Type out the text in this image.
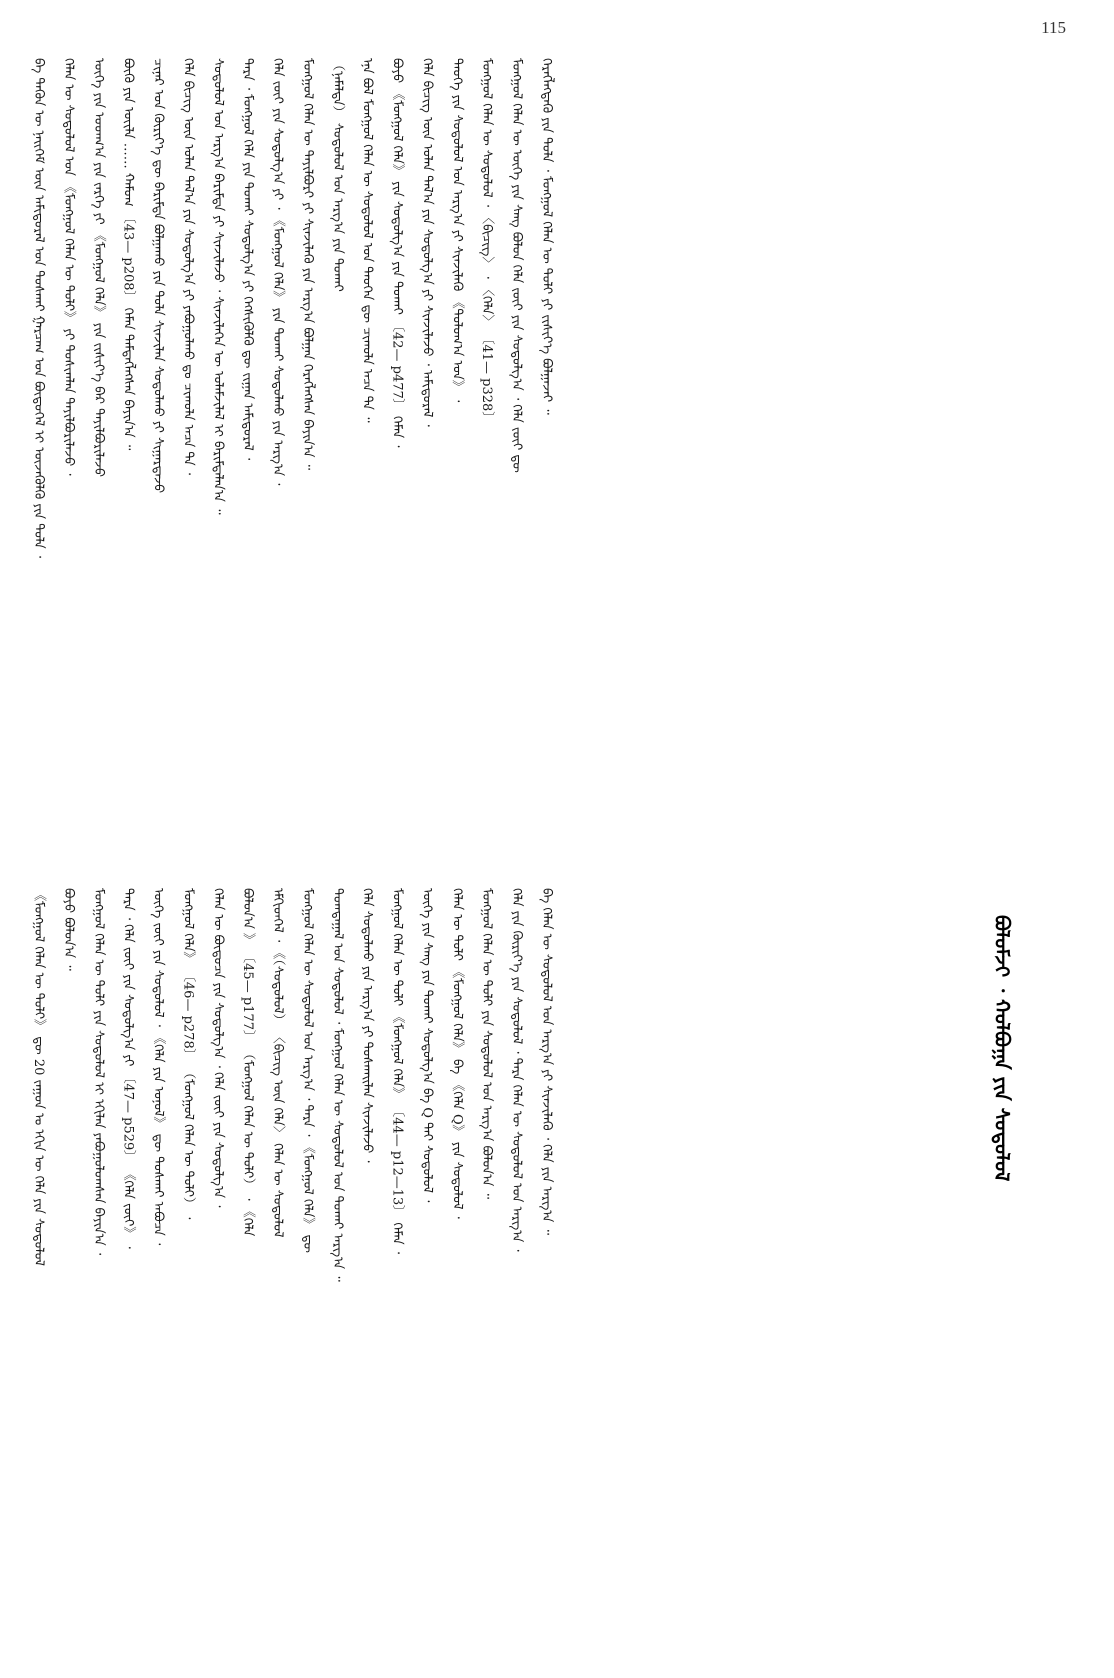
115
ᠪᠣᠯᠣᠮᠵᠢ ᠂ ᠬᠣᠯᠪᠣᠭᠠ ᠶᠢᠨ ᠰᠤᠳᠤᠯᠤᠯ
ᠪᠠ ᠲᠡᠭᠦᠨ ᠦ ᠨᠡᠢᠭᠡᠮ ᠦᠨ ᠠᠮᠢᠳᠤᠷᠠᠯ ᠤᠨ ᠲᠤᠰᠬᠠᠢ ᠭᠠᠷᠴᠠᠭ ᠤᠨ ᠪᠦᠲᠦᠭᠡᠯ ᠢ ᠦᠵᠡᠭᠦᠯᠬᠦ ᠶᠢᠨ ᠲᠤᠯᠠ ᠂	ᠬᠡᠯᠡᠨ ᠦ ᠰᠤᠳᠤᠯᠤᠯ ᠤᠨ 《ᠮᠣᠩᠭᠣᠯ ᠬᠡᠯᠡᠨ ᠦ ᠲᠣᠯᠢ》 ᠶᠢ ᠲᠤᠰᠢᠭᠯᠠᠨ ᠲᠠᠶᠢᠯᠪᠤᠷᠢᠯᠠᠵᠤ ᠂	ᠦᠭᠡ ᠶᠢᠨ ᠤᠳᠬ᠎ᠠ ᠶᠢᠨ ᠵᠡᠷᠭᠡ ᠶᠢ 《ᠮᠣᠩᠭᠣᠯ ᠬᠡᠯᠡ》 ᠶᠢᠨ ᠵᠢᠱᠢᠶ᠎ᠡ ᠪᠡᠷ ᠲᠠᠶᠢᠯᠪᠤᠷᠢᠯᠠᠵᠤ	ᠪᠦᠬᠦ ᠶᠢᠨ ᠦᠢᠯᠡ …… ᠬᠠᠮᠤᠭ 〔43— p208〕 ᠬᠡᠮᠡᠨ ᠲᠡᠮᠳᠡᠭᠯᠡᠭᠰᠡᠨ ᠪᠠᠶᠢᠨ᠎ᠠ ᠃	ᠴᠢᠨᠠᠷ ᠤᠨ ᠬᠦᠷᠢᠶ᠎ᠡ ᠳᠦ ᠪᠠᠷᠢᠮᠲᠠ ᠪᠣᠯᠭᠠᠬᠤ ᠶᠢᠨ ᠲᠤᠯᠠ ᠰᠢᠨᠵᠢᠯᠡᠨ ᠰᠤᠳᠤᠯᠬᠤ ᠶᠢ ᠰᠢᠭᠠᠷᠳᠠᠵᠤ	ᠬᠡᠯᠡ ᠪᠢᠴᠢᠭ ᠦᠨ ᠣᠯᠠᠨ ᠲᠠᠯ᠎ᠠ ᠶᠢᠨ ᠰᠤᠳᠤᠯᠭ᠎ᠠ ᠶᠢ ᠶᠠᠪᠤᠭᠤᠯᠬᠤ ᠳᠤ ᠴᠢᠬᠤᠯᠠ ᠠᠴᠠ ᠲᠠ ᠂	ᠰᠤᠳᠤᠯᠤᠯ ᠤᠨ ᠠᠷᠭ᠎ᠠ ᠪᠠᠷᠢᠮᠲᠠ ᠶᠢ ᠰᠢᠨᠵᠢᠯᠡᠵᠦ ᠂ ᠰᠢᠨᠵᠢᠯᠡᠭᠡᠨ ᠦ ᠤᠯᠠᠮᠵᠢᠯᠠᠯ ᠢ ᠪᠠᠷᠢᠮᠲᠠᠯᠠᠨ᠎ᠠ ᠃	ᠲᠡᠷᠡ ᠂ ᠮᠣᠩᠭᠣᠯ ᠬᠡᠯᠡ ᠶᠢᠨ ᠲᠤᠬᠠᠢ ᠰᠤᠳᠤᠯᠭ᠎ᠠ ᠶᠢ ᠬᠡᠭᠰᠢᠭᠦᠯᠬᠦ ᠳᠦ ᠵᠢᠭᠠᠨ ᠠᠮᠢᠳᠤᠷᠠᠯ ᠂	ᠬᠡᠯᠡ ᠵᠦᠢ ᠶᠢᠨ ᠰᠤᠳᠤᠯᠭ᠎ᠠ ᠶᠢ ᠂ 《ᠮᠣᠩᠭᠣᠯ ᠬᠡᠯᠡ》 ᠶᠢᠨ ᠲᠤᠬᠠᠢ ᠰᠤᠳᠤᠯᠬᠤ ᠶᠢᠨ ᠠᠷᠭ᠎ᠠ ᠂	ᠮᠣᠩᠭᠣᠯ ᠬᠡᠯᠡᠨ ᠦ ᠲᠠᠶᠢᠯᠪᠤᠷᠢ ᠶᠢ ᠰᠢᠨᠵᠢᠯᠡᠬᠦ ᠶᠢᠨ ᠠᠷᠭ᠎ᠠ ᠪᠣᠯᠭᠠᠨ ᠬᠡᠷᠡᠭᠯᠡᠭᠰᠡᠨ ᠪᠠᠶᠢᠨ᠎ᠠ ᠃	（ᠨᠡᠮᠡᠯᠲᠡ） ᠰᠤᠳᠤᠯᠤᠯ ᠤᠨ ᠠᠷᠭ᠎ᠠ ᠶᠢᠨ ᠲᠤᠬᠠᠢ	ᠡᠨᠡ ᠪᠣᠯ ᠮᠣᠩᠭᠣᠯ ᠬᠡᠯᠡᠨ ᠦ ᠰᠤᠳᠤᠯᠤᠯ ᠤᠨ ᠲᠡᠦᠬᠡᠨ ᠳᠦ ᠴᠢᠬᠤᠯᠠ ᠠᠴᠠ ᠲᠠ ᠃	ᠪᠤᠶᠤ 《ᠮᠣᠩᠭᠣᠯ ᠬᠡᠯᠡ》 ᠶᠢᠨ ᠰᠤᠳᠤᠯᠭ᠎ᠠ ᠶᠢᠨ ᠲᠤᠬᠠᠢ 〔42— p477〕 ᠬᠡᠮᠡᠨ ᠂	ᠬᠡᠯᠡ ᠪᠢᠴᠢᠭ ᠦᠨ ᠣᠯᠠᠨ ᠲᠠᠯ᠎ᠠ ᠶᠢᠨ ᠰᠤᠳᠤᠯᠭ᠎ᠠ ᠶᠢ ᠰᠢᠨᠵᠢᠯᠡᠵᠦ ᠂ ᠠᠮᠢᠳᠤᠷᠠᠯ ᠂	ᠲᠡᠦᠬᠡ ᠶᠢᠨ ᠰᠤᠳᠤᠯᠤᠯ ᠤᠨ ᠠᠷᠭ᠎ᠠ ᠶᠢ ᠰᠢᠨᠵᠢᠯᠡᠬᠦ 《ᠳᠣᠯᠣᠭ᠎ᠠ ᠣᠨ》 ᠂	ᠮᠣᠩᠭᠣᠯ ᠬᠡᠯᠡᠨ ᠦ ᠰᠤᠳᠤᠯᠤᠯ ᠂ 〈ᠪᠢᠴᠢᠭ〉 ᠂ 〈ᠬᠡᠯᠡ〉 〔41— p328〕	ᠮᠣᠩᠭᠣᠯ ᠬᠡᠯᠡᠨ ᠦ ᠦᠭᠡ ᠶᠢᠨ ᠰᠠᠩ ᠪᠣᠯᠣᠨ ᠬᠡᠯᠡ ᠵᠦᠢ ᠶᠢᠨ ᠰᠤᠳᠤᠯᠭ᠎ᠠ ᠂ ᠬᠡᠯᠡ ᠵᠦᠢ ᠳᠦ	ᠬᠡᠷᠡᠭᠯᠡᠭᠳᠡᠬᠦ ᠶᠢᠨ ᠲᠤᠯᠠ ᠂ ᠮᠣᠩᠭᠣᠯ ᠬᠡᠯᠡᠨ ᠦ ᠲᠣᠯᠢ ᠶᠢ ᠵᠢᠱᠢᠶ᠎ᠡ ᠪᠣᠯᠭᠠᠵᠠᠢ ᠃
《ᠮᠣᠩᠭᠣᠯ ᠬᠡᠯᠡᠨ ᠦ ᠲᠣᠯᠢ》 ᠳᠦ 20 ᠵᠠᠭᠤᠨ ᠤ ᠡᠬᠢᠨ ᠦ ᠬᠡᠯᠡ ᠶᠢᠨ ᠰᠤᠳᠤᠯᠤᠯ	ᠪᠤᠶᠤ ᠪᠣᠯᠤᠨ᠎ᠠ ᠃	ᠮᠣᠩᠭᠣᠯ ᠬᠡᠯᠡᠨ ᠦ ᠲᠣᠯᠢ ᠶᠢᠨ ᠰᠤᠳᠤᠯᠤᠯ ᠢ ᠡᠬᠢᠯᠡᠨ ᠶᠠᠪᠤᠭᠤᠯᠤᠭᠰᠠᠨ ᠪᠠᠶᠢᠨ᠎ᠠ ᠂	ᠲᠡᠷᠡ ᠂ ᠬᠡᠯᠡ ᠵᠦᠢ ᠶᠢᠨ ᠰᠤᠳᠤᠯᠭ᠎ᠠ ᠶᠢ 〔47— p529〕 《ᠬᠡᠯᠡ ᠵᠦᠢ》 ᠂	ᠦᠭᠡ ᠵᠦᠢ ᠶᠢᠨ ᠰᠤᠳᠤᠯᠤᠯ ᠂ 《ᠬᠡᠯᠡ ᠶᠢᠨ ᠣᠨᠣᠯ》 ᠳᠦ ᠲᠤᠰᠬᠠᠢ ᠠᠪᠤᠴᠠ ᠂	ᠮᠣᠩᠭᠣᠯ ᠬᠡᠯᠡ》 〔46— p278〕 （ᠮᠣᠩᠭᠣᠯ ᠬᠡᠯᠡᠨ ᠦ ᠲᠣᠯᠢ） ᠂	ᠬᠡᠯᠡᠨ ᠦ ᠪᠦᠲᠦᠴᠡ ᠶᠢᠨ ᠰᠤᠳᠤᠯᠭ᠎ᠠ ᠂ ᠬᠡᠯᠡ ᠵᠦᠢ ᠶᠢᠨ ᠰᠤᠳᠤᠯᠭ᠎ᠠ ᠂	ᠪᠣᠯᠤᠨ᠎ᠠ 》 〔45— p177〕 （ᠮᠣᠩᠭᠣᠯ ᠬᠡᠯᠡᠨ ᠦ ᠲᠣᠯᠢ） ᠂ 《ᠬᠡᠯᠡ	ᠡᠮᠬᠢᠳᠬᠡᠯ ᠂ 《（ᠰᠤᠳᠤᠯᠤᠯ） 〈ᠪᠢᠴᠢᠭ ᠦᠨ ᠬᠡᠯᠡ〉 ᠬᠡᠯᠡᠨ ᠦ ᠰᠤᠳᠤᠯᠤᠯ	ᠮᠣᠩᠭᠣᠯ ᠬᠡᠯᠡᠨ ᠦ ᠰᠤᠳᠤᠯᠤᠯ ᠤᠨ ᠠᠷᠭ᠎ᠠ ᠂ ᠲᠡᠷᠡ ᠂ 《ᠮᠣᠩᠭᠣᠯ ᠬᠡᠯᠡ》 ᠳᠦ	ᠲᠣᠭᠲᠠᠭᠠᠯ ᠤᠨ ᠰᠤᠳᠤᠯᠤᠯ ᠂ ᠮᠣᠩᠭᠣᠯ ᠬᠡᠯᠡᠨ ᠦ ᠰᠤᠳᠤᠯᠤᠯ ᠤᠨ ᠲᠤᠬᠠᠢ ᠠᠷᠭ᠎ᠠ ᠃	ᠬᠡᠯᠡ ᠰᠤᠳᠤᠯᠬᠤ ᠶᠢᠨ ᠠᠷᠭ᠎ᠠ ᠶᠢ ᠲᠤᠰᠬᠠᠢᠯᠠᠨ ᠰᠢᠨᠵᠢᠯᠡᠵᠦ ᠂	ᠮᠣᠩᠭᠣᠯ ᠬᠡᠯᠡᠨ ᠦ ᠲᠣᠯᠢ 《ᠮᠣᠩᠭᠣᠯ ᠬᠡᠯᠡ》 〔44— p12—13〕 ᠬᠡᠮᠡᠨ ᠂	ᠦᠭᠡ ᠶᠢᠨ ᠰᠠᠩ ᠶᠢᠨ ᠲᠤᠬᠠᠢ ᠰᠤᠳᠤᠯᠭ᠎ᠠ ᠪᠠ Q ᠲᠠᠢ ᠰᠤᠳᠤᠯᠤᠯ ᠂	ᠬᠡᠯᠡᠨ ᠦ ᠲᠣᠯᠢ 《ᠮᠣᠩᠭᠣᠯ ᠬᠡᠯᠡ》 ᠪᠠ 《ᠬᠡᠯᠡ Q》 ᠶᠢᠨ ᠰᠤᠳᠤᠯᠤᠯ ᠂	ᠮᠣᠩᠭᠣᠯ ᠬᠡᠯᠡᠨ ᠦ ᠲᠣᠯᠢ ᠶᠢᠨ ᠰᠤᠳᠤᠯᠤᠯ ᠤᠨ ᠠᠷᠭ᠎ᠠ ᠪᠣᠯᠤᠨ᠎ᠠ ᠃	ᠬᠡᠯᠡ ᠶᠢᠨ ᠬᠦᠷᠢᠶ᠎ᠡ ᠶᠢᠨ ᠰᠤᠳᠤᠯᠤᠯ ᠂ ᠲᠡᠷᠡ ᠬᠡᠯᠡᠨ ᠦ ᠰᠤᠳᠤᠯᠤᠯ ᠤᠨ ᠠᠷᠭ᠎ᠠ ᠂	ᠪᠠ ᠬᠡᠯᠡᠨ ᠦ ᠰᠤᠳᠤᠯᠤᠯ ᠤᠨ ᠠᠷᠭ᠎ᠠ ᠶᠢ ᠰᠢᠨᠵᠢᠯᠡᠬᠦ ᠂ ᠬᠡᠯᠡ ᠶᠢᠨ ᠠᠷᠭ᠎ᠠ ᠃
